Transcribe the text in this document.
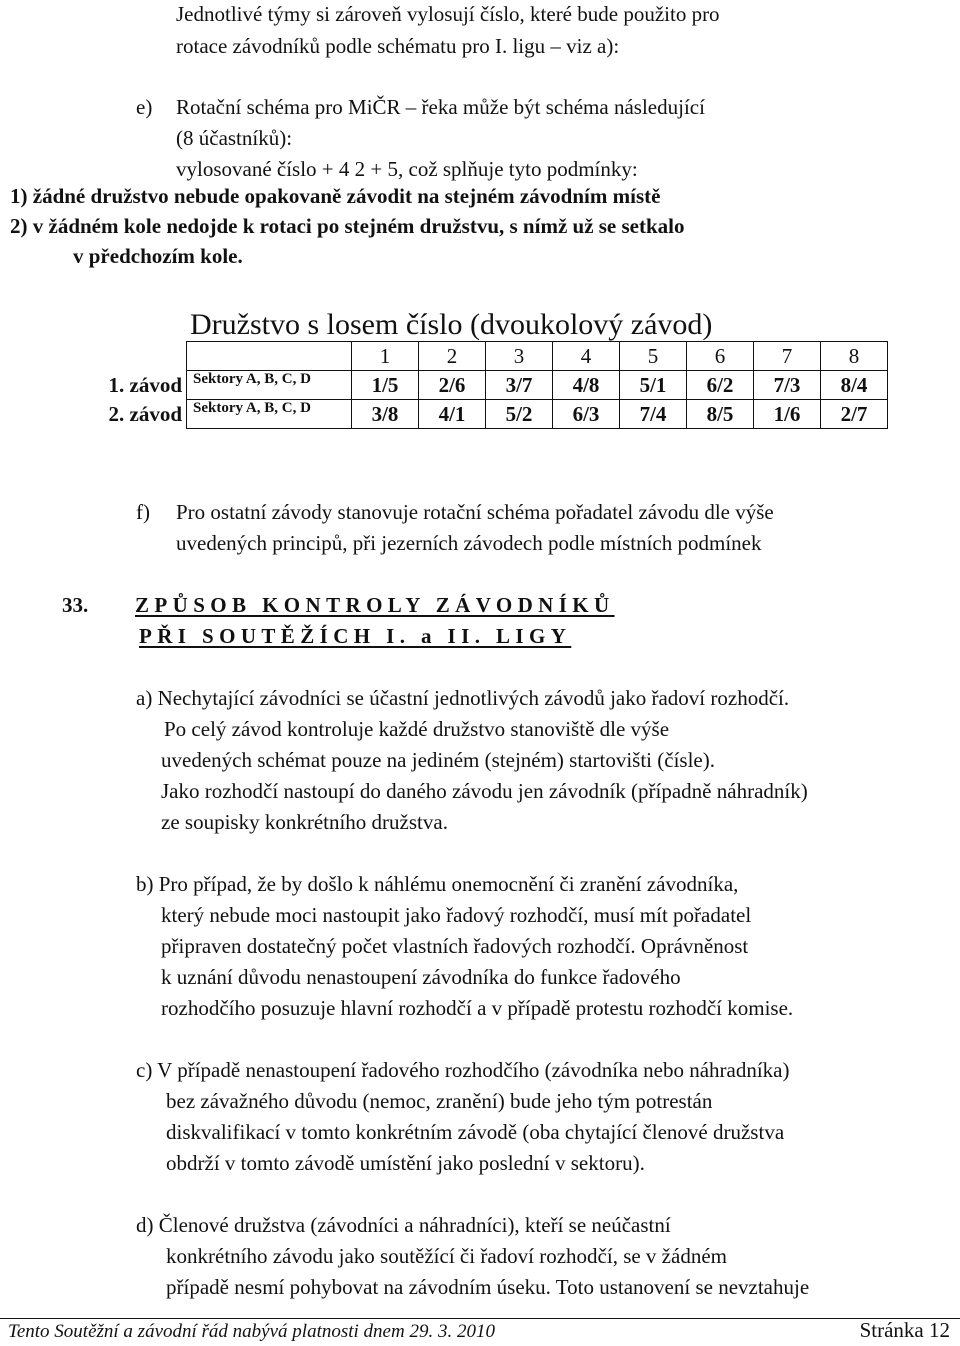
Jednotlivé týmy si zároveň vylosují číslo, které bude použito pro
rotace závodníků podle schématu pro I. ligu – viz a):
e) Rotační schéma pro MiČR – řeka může být schéma následující
(8 účastníků):
vylosované číslo + 4 2 + 5, což splňuje tyto podmínky:
1) žádné družstvo nebude opakovaně závodit na stejném závodním místě
2) v žádném kole nedojde k rotaci po stejném družstvu, s nímž už se setkalo
v předchozím kole.
Družstvo s losem číslo (dvoukolový závod)
		1	2	3	4	5	6	7	8
1. závod	Sektory A, B, C, D	1/5	2/6	3/7	4/8	5/1	6/2	7/3	8/4
2. závod	Sektory A, B, C, D	3/8	4/1	5/2	6/3	7/4	8/5	1/6	2/7
f) Pro ostatní závody stanovuje rotační schéma pořadatel závodu dle výše
uvedených principů, při jezerních závodech podle místních podmínek
33. ZPŮSOB KONTROLY ZÁVODNÍKŮ
PŘI SOUTĚŽÍCH I. a II. LIGY
a) Nechytající závodníci se účastní jednotlivých závodů jako řadoví rozhodčí.
Po celý závod kontroluje každé družstvo stanoviště dle výše
uvedených schémat pouze na jediném (stejném) startovišti (čísle).
Jako rozhodčí nastoupí do daného závodu jen závodník (případně náhradník)
ze soupisky konkrétního družstva.
b) Pro případ, že by došlo k náhlému onemocnění či zranění závodníka,
který nebude moci nastoupit jako řadový rozhodčí, musí mít pořadatel
připraven dostatečný počet vlastních řadových rozhodčí. Oprávněnost
k uznání důvodu nenastoupení závodníka do funkce řadového
rozhodčího posuzuje hlavní rozhodčí a v případě protestu rozhodčí komise.
c) V případě nenastoupení řadového rozhodčího (závodníka nebo náhradníka)
bez závažného důvodu (nemoc, zranění) bude jeho tým potrestán
diskvalifikací v tomto konkrétním závodě (oba chytající členové družstva
obdrží v tomto závodě umístění jako poslední v sektoru).
d) Členové družstva (závodníci a náhradníci), kteří se neúčastní
konkrétního závodu jako soutěžící či řadoví rozhodčí, se v žádném
případě nesmí pohybovat na závodním úseku. Toto ustanovení se nevztahuje
Tento Soutěžní a závodní řád nabývá platnosti dnem 29. 3. 2010	Stránka 12
